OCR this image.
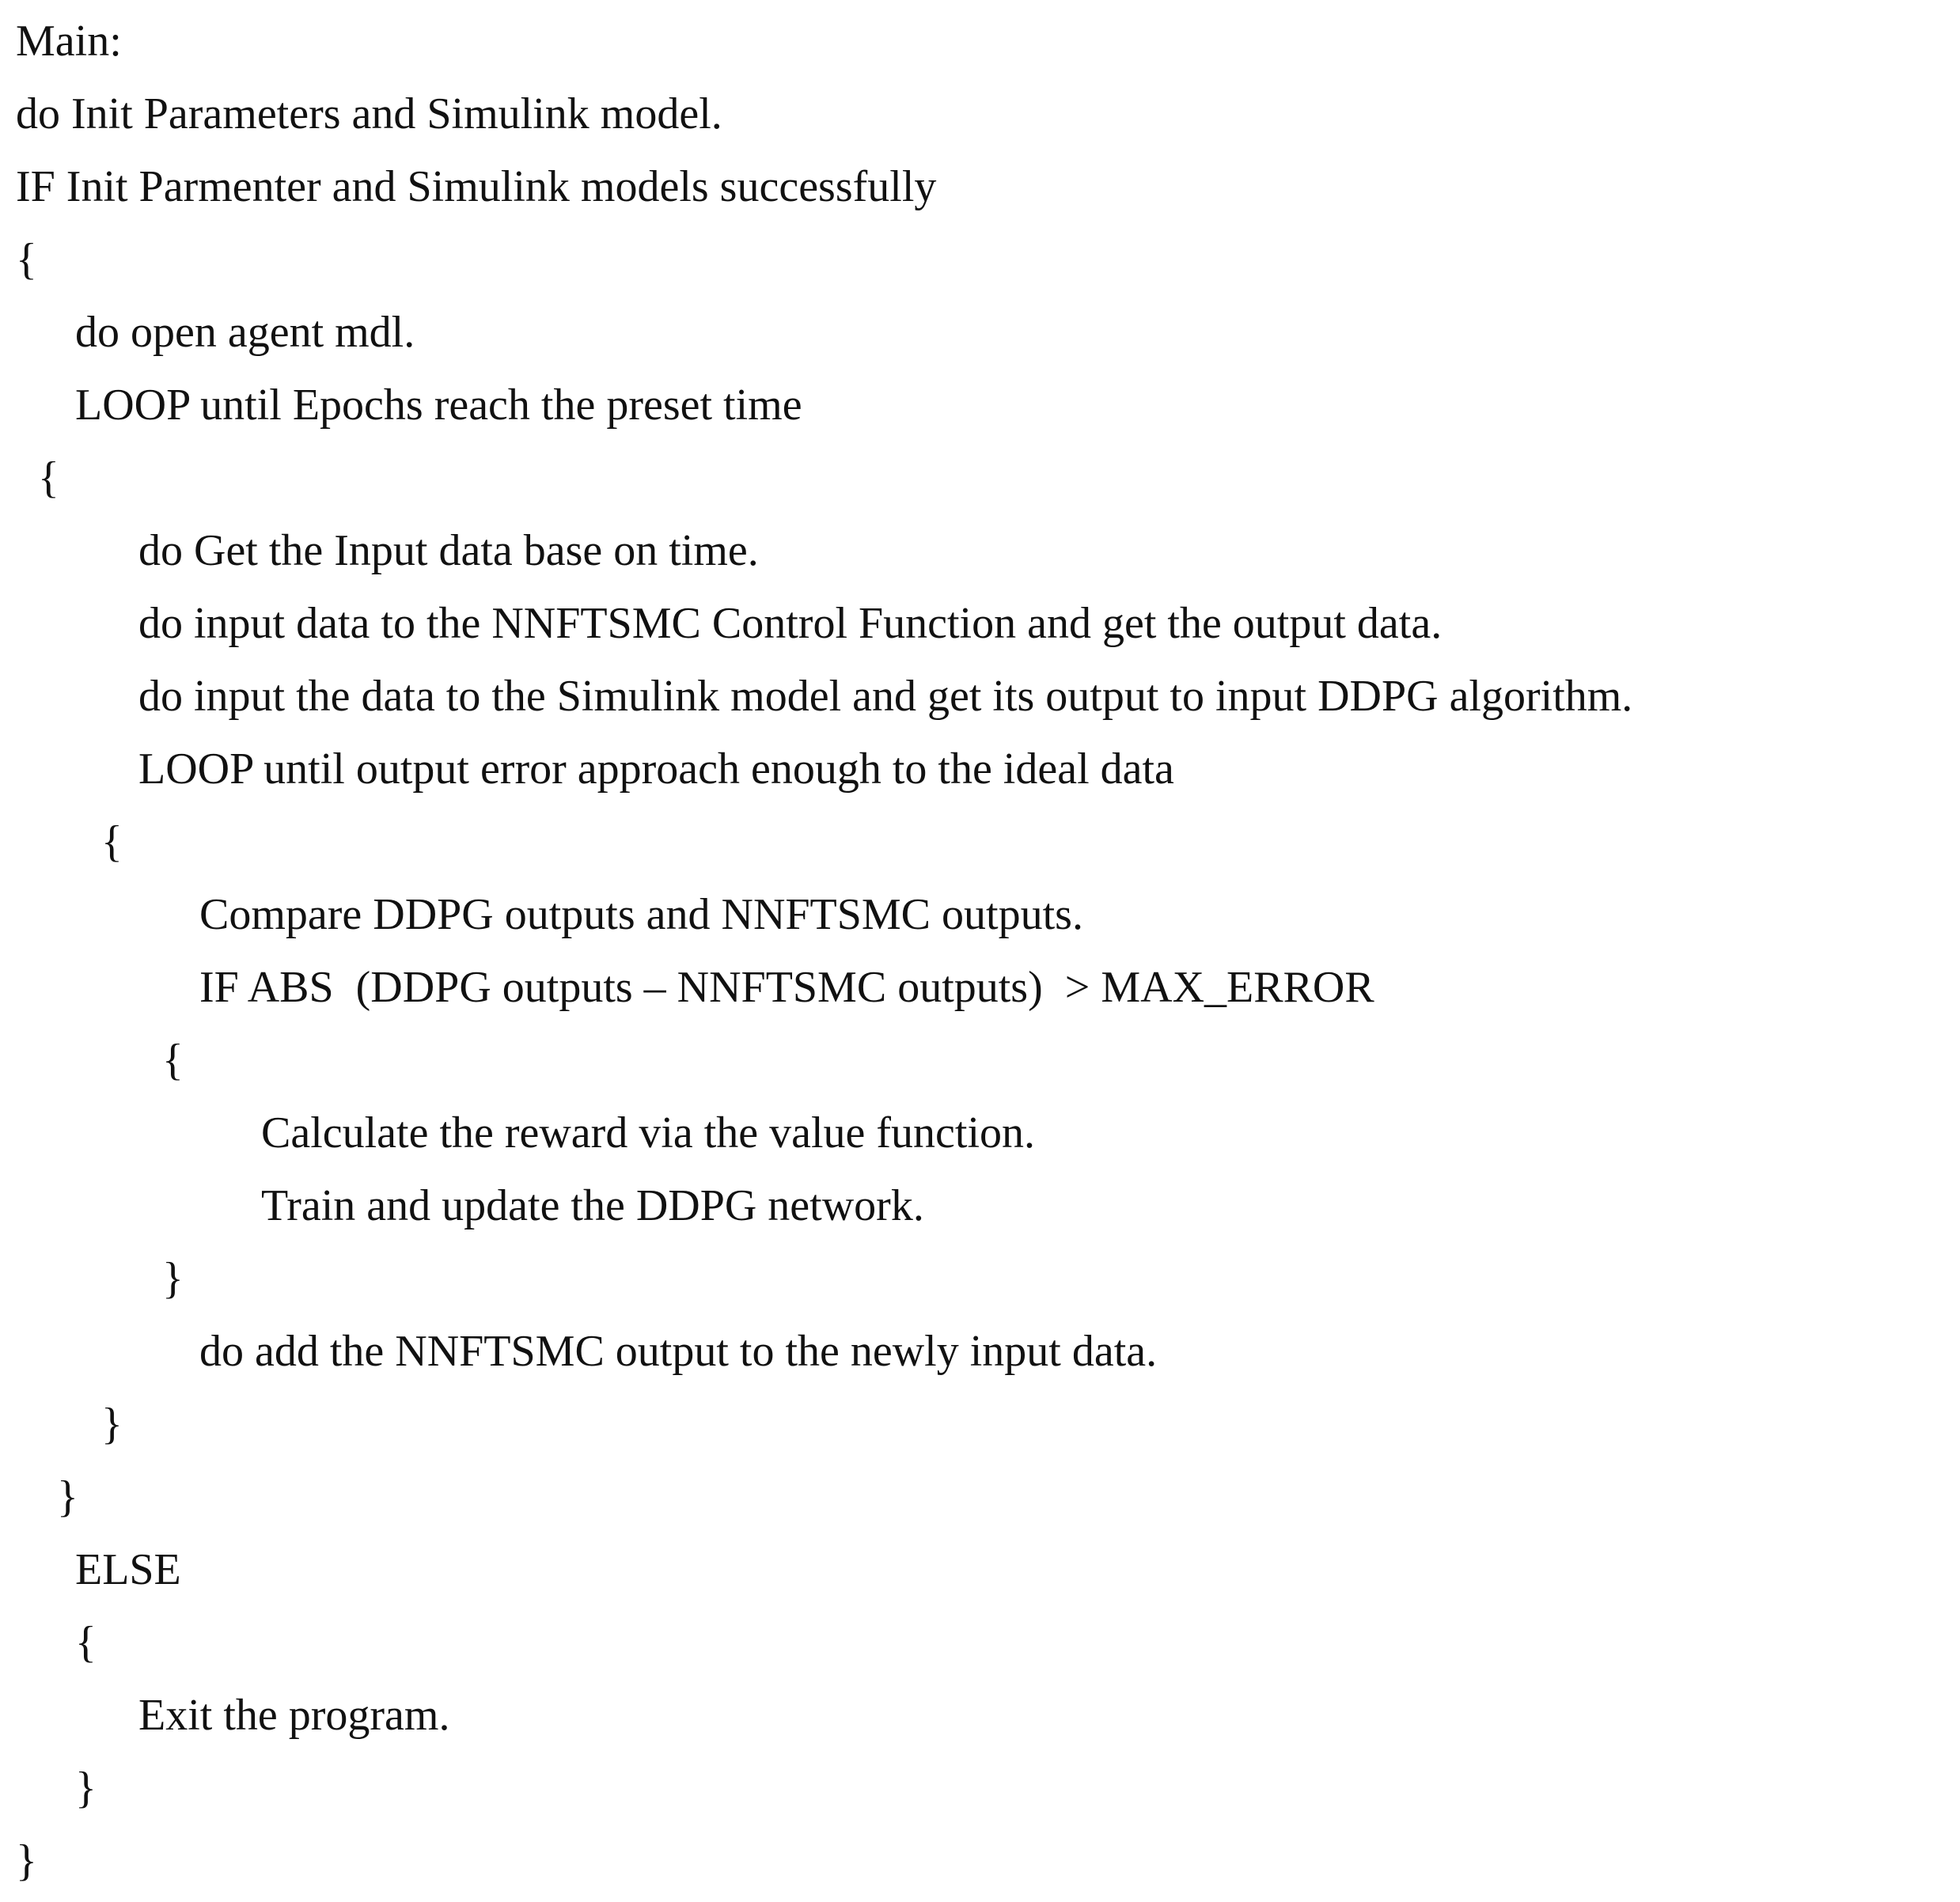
Main:
do Init Parameters and Simulink model.
IF Init Parmenter and Simulink models successfully
{
do open agent mdl.
LOOP until Epochs reach the preset time
{
do Get the Input data base on time.
do input data to the NNFTSMC Control Function and get the output data.
do input the data to the Simulink model and get its output to input DDPG algorithm.
LOOP until output error approach enough to the ideal data
{
Compare DDPG outputs and NNFTSMC outputs.
IF ABS  (DDPG outputs – NNFTSMC outputs)  > MAX_ERROR
{
Calculate the reward via the value function.
Train and update the DDPG network.
}
do add the NNFTSMC output to the newly input data.
}
}
ELSE
{
Exit the program.
}
}
